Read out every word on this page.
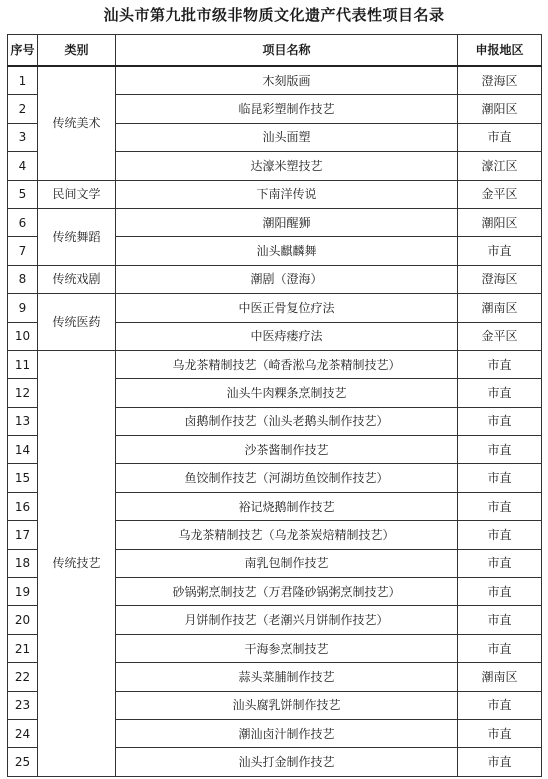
汕头市第九批市级非物质文化遗产代表性项目名录
序号	类别	项目名称	申报地区
1	传统美术	木刻版画	澄海区
2		临昆彩塑制作技艺	潮阳区
3		汕头面塑	市直
4		达濠米塑技艺	濠江区
5	民间文学	下南洋传说	金平区
6	传统舞蹈	潮阳醒狮	潮阳区
7		汕头麒麟舞	市直
8	传统戏剧	潮剧（澄海）	澄海区
9	传统医药	中医正骨复位疗法	潮南区
10		中医痔瘘疗法	金平区
11	传统技艺	乌龙茶精制技艺（崎香淞乌龙茶精制技艺）	市直
12		汕头牛肉粿条烹制技艺	市直
13		卤鹅制作技艺（汕头老鹅头制作技艺）	市直
14		沙茶酱制作技艺	市直
15		鱼饺制作技艺（河湖坊鱼饺制作技艺）	市直
16		裕记烧鹅制作技艺	市直
17		乌龙茶精制技艺（乌龙茶炭焙精制技艺）	市直
18		南乳包制作技艺	市直
19		砂锅粥烹制技艺（万君隆砂锅粥烹制技艺）	市直
20		月饼制作技艺（老潮兴月饼制作技艺）	市直
21		干海参烹制技艺	市直
22		蒜头菜脯制作技艺	潮南区
23		汕头腐乳饼制作技艺	市直
24		潮汕卤汁制作技艺	市直
25		汕头打金制作技艺	市直
